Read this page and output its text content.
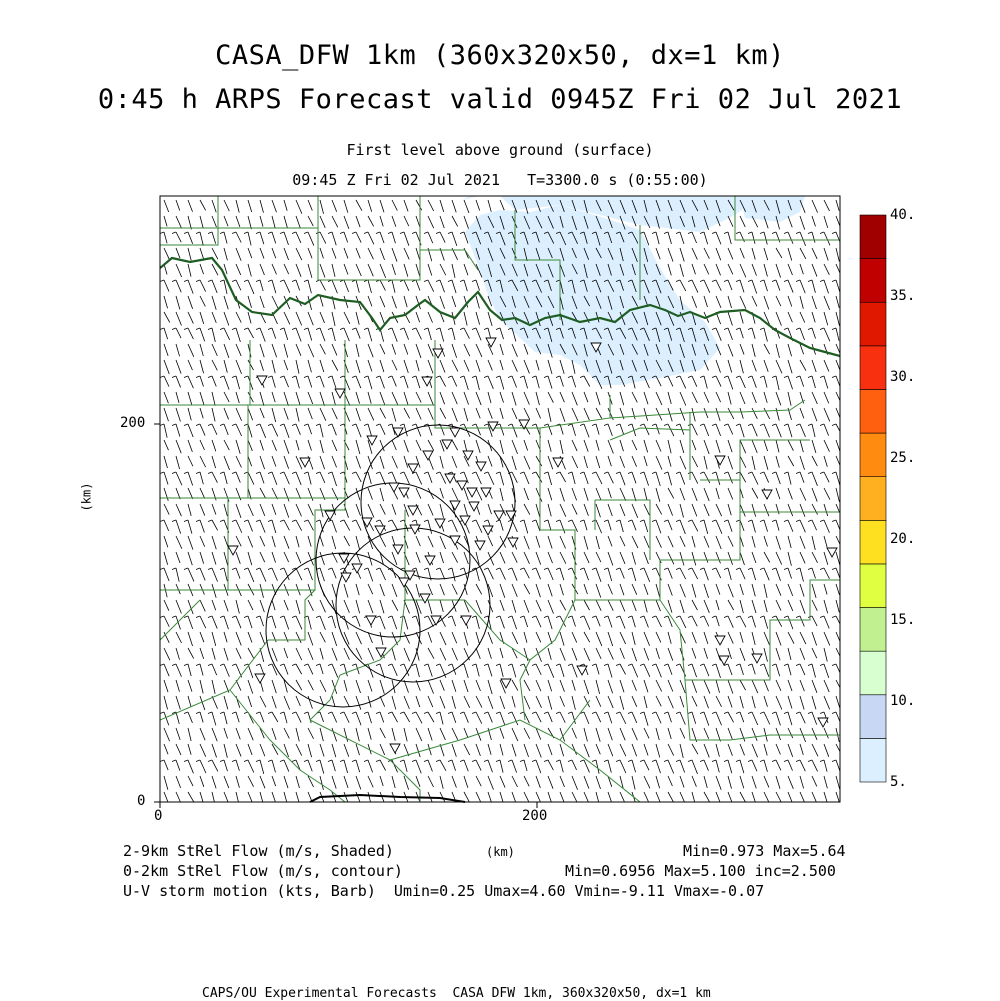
CASA_DFW 1km (360x320x50, dx=1 km)
0:45 h ARPS Forecast valid 0945Z Fri 02 Jul 2021
First level above ground (surface)
09:45 Z Fri 02 Jul 2021   T=3300.0 s (0:55:00)
0
200
0	200
(km)
5.
10.
15.
20.
25.
30.
35.
40.
2-9km StRel Flow (m/s, Shaded)	(km)	Min=0.973 Max=5.64
0-2km StRel Flow (m/s, contour)	Min=0.6956 Max=5.100 inc=2.500
U-V storm motion (kts, Barb)  Umin=0.25 Umax=4.60 Vmin=-9.11 Vmax=-0.07
CAPS/OU Experimental Forecasts  CASA DFW 1km, 360x320x50, dx=1 km
